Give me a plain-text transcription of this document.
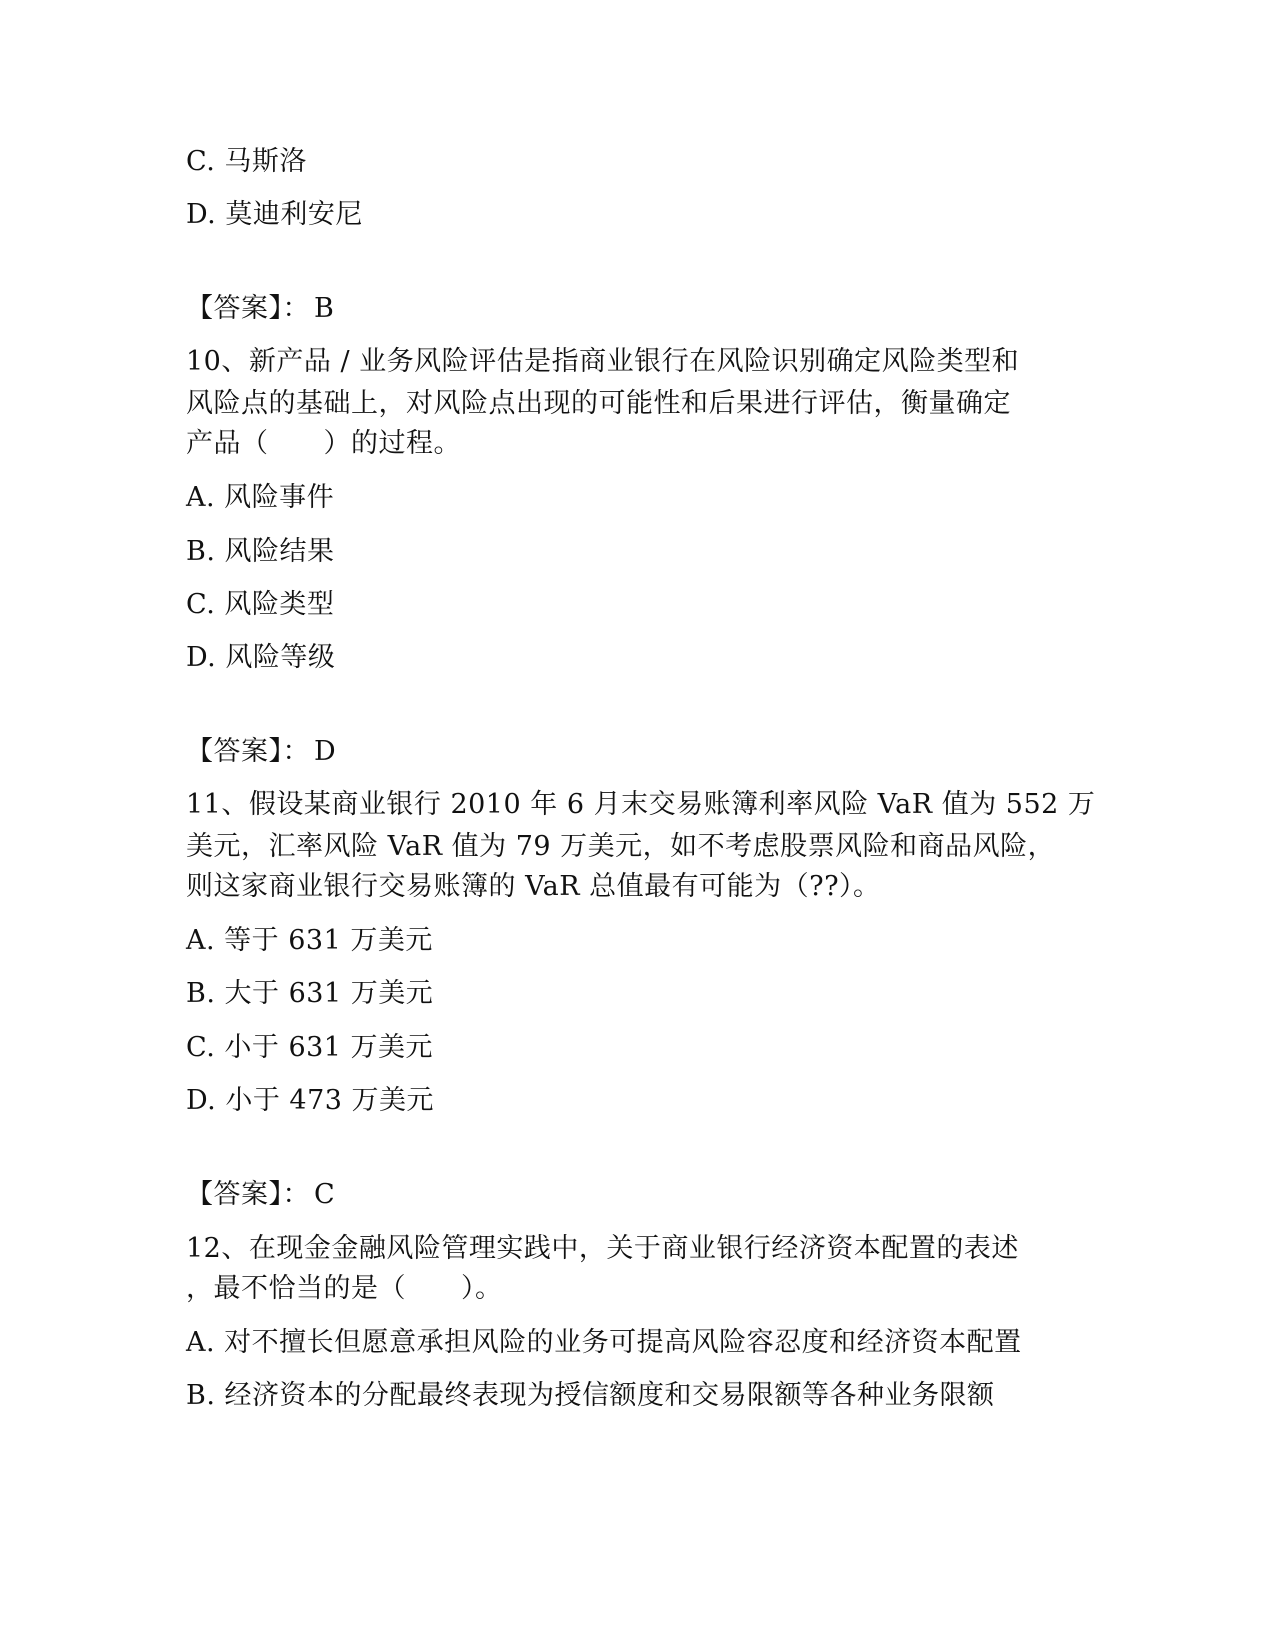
C. 马斯洛

D. 莫迪利安尼

【答案】： B

10、新产品 / 业务风险评估是指商业银行在风险识别确定风险类型和

风险点的基础上，对风险点出现的可能性和后果进行评估，衡量确定

产品（　　）的过程。

A. 风险事件

B. 风险结果

C. 风险类型

D. 风险等级

【答案】： D

11、假设某商业银行 2010 年 6 月末交易账簿利率风险 VaR 值为 552 万

美元，汇率风险 VaR 值为 79 万美元，如不考虑股票风险和商品风险，

则这家商业银行交易账簿的 VaR 总值最有可能为（??）。

A. 等于 631 万美元

B. 大于 631 万美元

C. 小于 631 万美元

D. 小于 473 万美元

【答案】： C

12、在现金金融风险管理实践中，关于商业银行经济资本配置的表述

，最不恰当的是（　　）。

A. 对不擅长但愿意承担风险的业务可提高风险容忍度和经济资本配置

B. 经济资本的分配最终表现为授信额度和交易限额等各种业务限额
